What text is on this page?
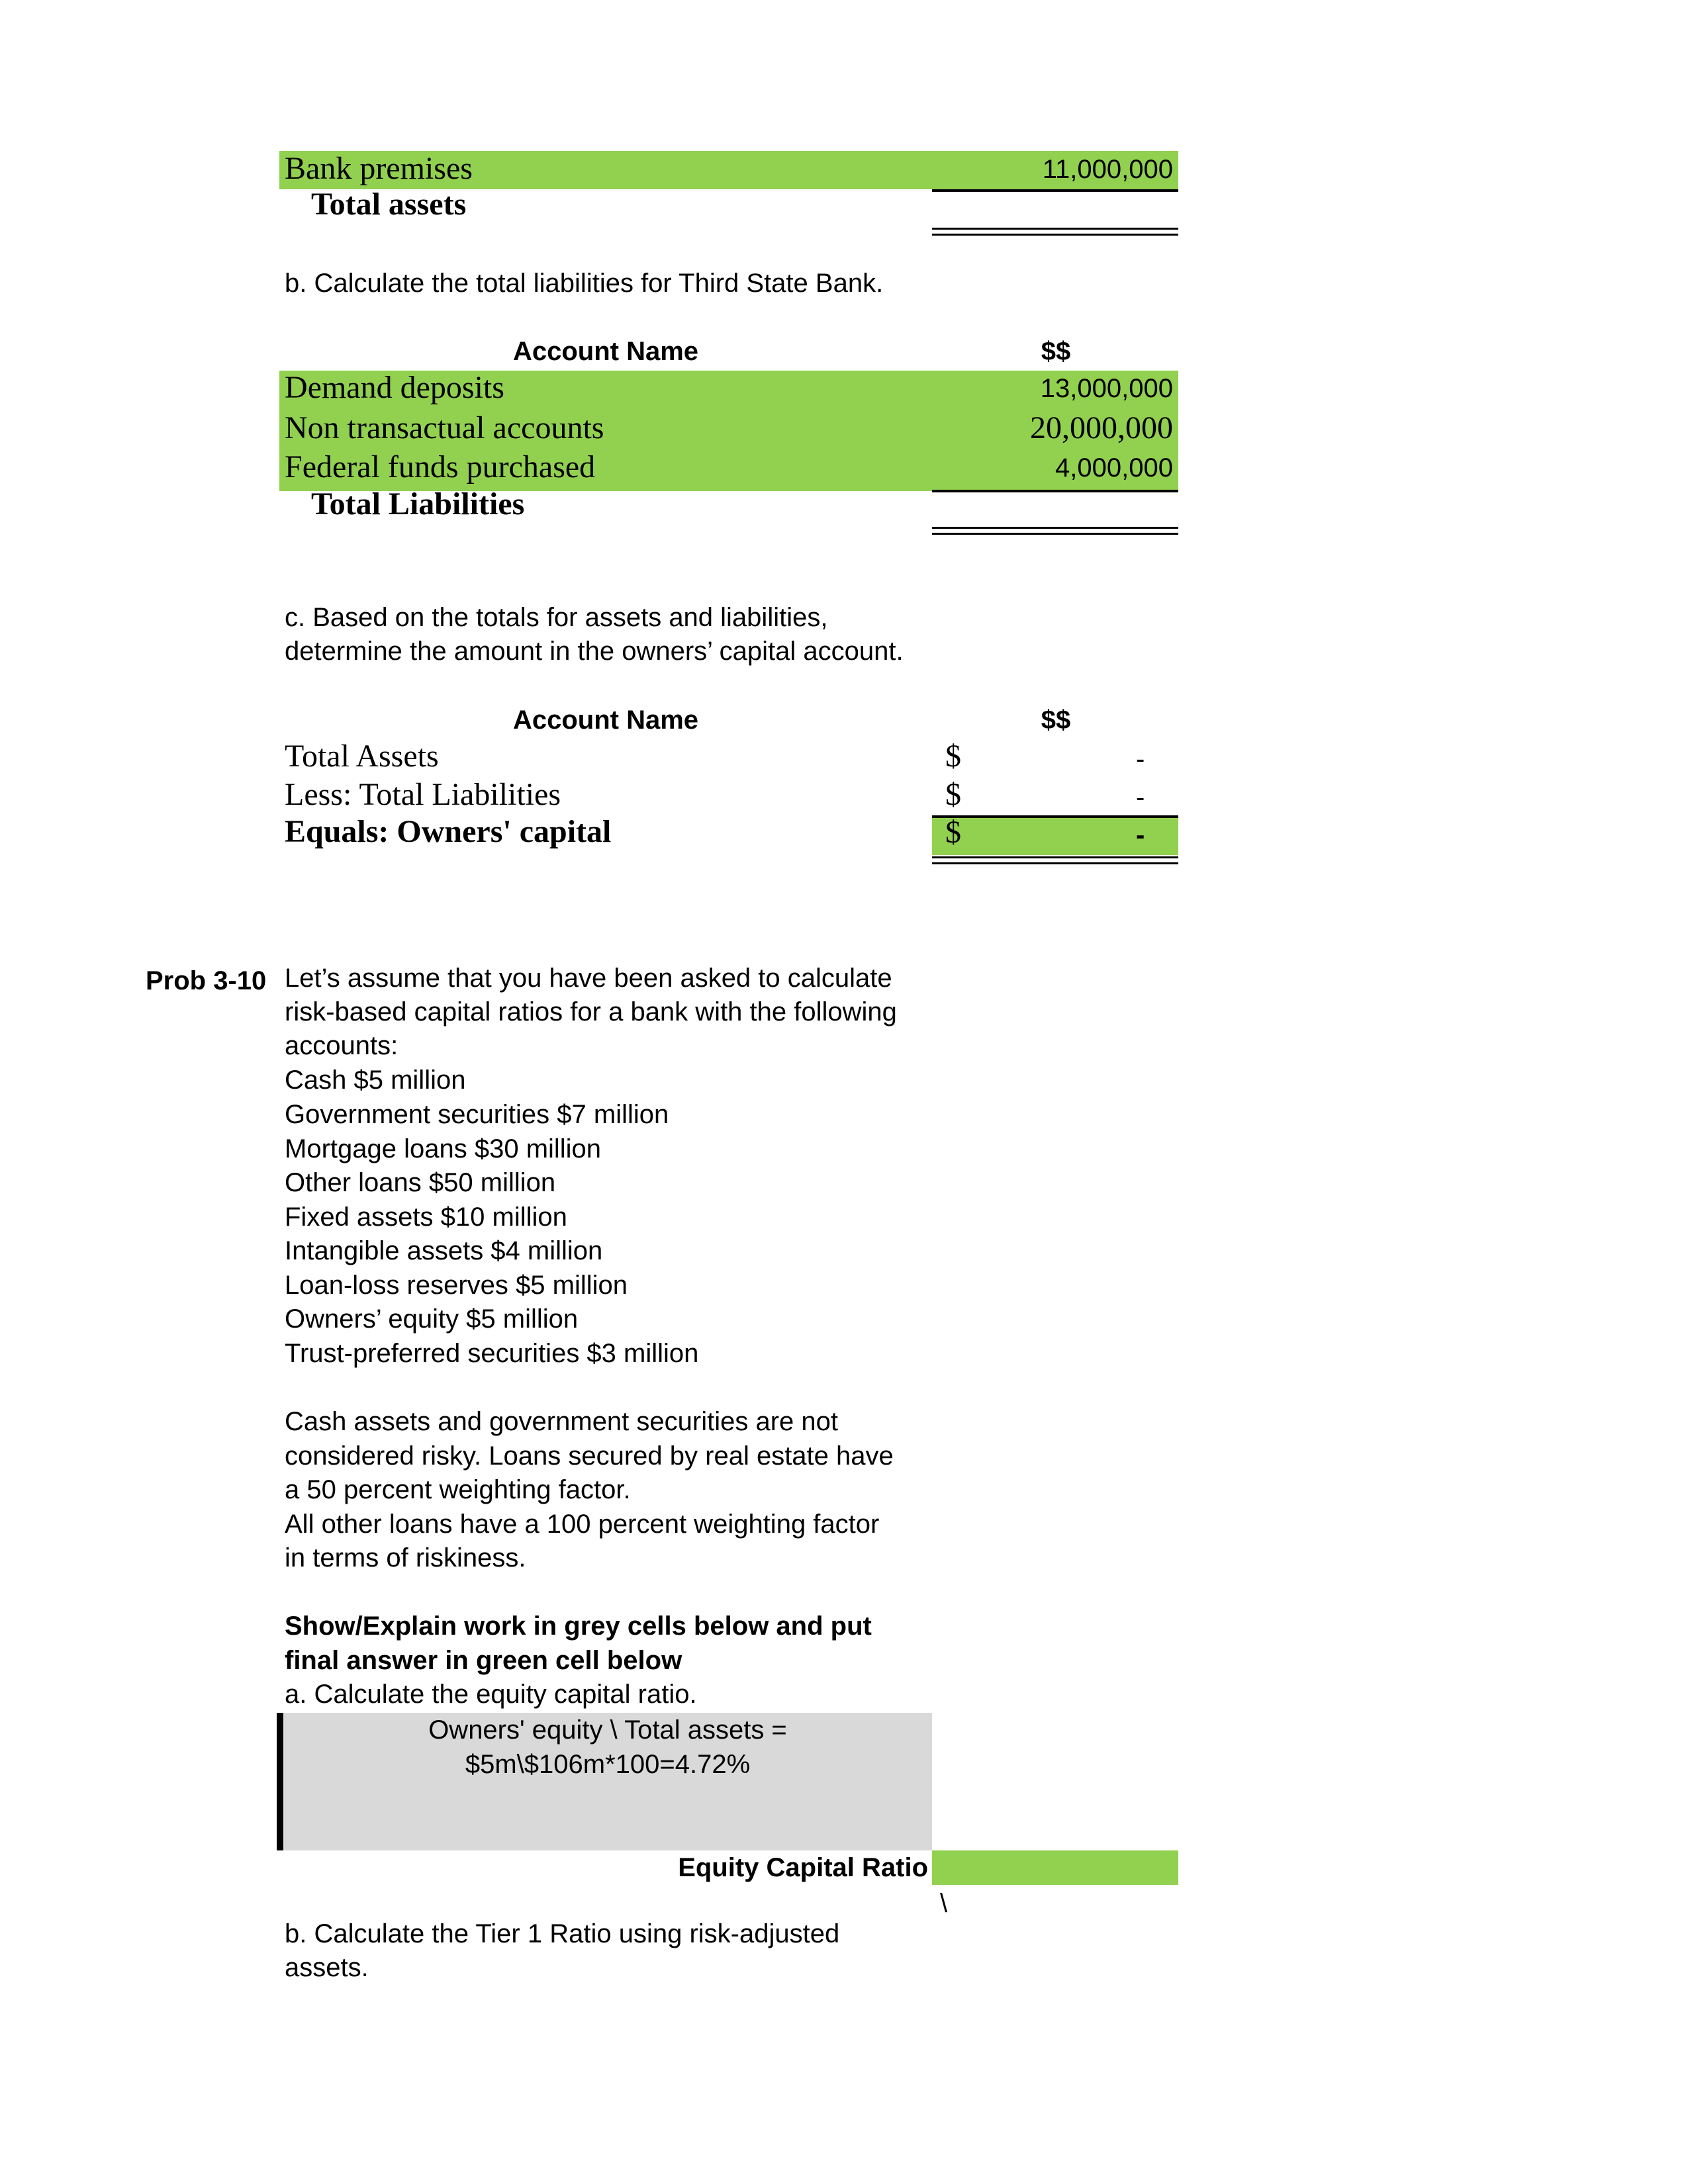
Bank premises	11,000,000
Total assets
b. Calculate the total liabilities for Third State Bank.
Account Name	$$
Demand deposits	13,000,000
Non transactual accounts	20,000,000
Federal funds purchased	4,000,000
Total Liabilities
c. Based on the totals for assets and liabilities,
determine the amount in the owners’ capital account.
Account Name	$$
Total Assets	$	-
Less: Total Liabilities	$	-
Equals: Owners' capital	$	-
Prob 3-10 Let’s assume that you have been asked to calculate
risk-based capital ratios for a bank with the following
accounts:
Cash $5 million
Government securities $7 million
Mortgage loans $30 million
Other loans $50 million
Fixed assets $10 million
Intangible assets $4 million
Loan-loss reserves $5 million
Owners’ equity $5 million
Trust-preferred securities $3 million
Cash assets and government securities are not
considered risky. Loans secured by real estate have
a 50 percent weighting factor.
All other loans have a 100 percent weighting factor
in terms of riskiness.
Show/Explain work in grey cells below and put
final answer in green cell below
a. Calculate the equity capital ratio.
Owners' equity \ Total assets =
$5m\$106m*100=4.72%
Equity Capital Ratio
\
b. Calculate the Tier 1 Ratio using risk-adjusted
assets.
